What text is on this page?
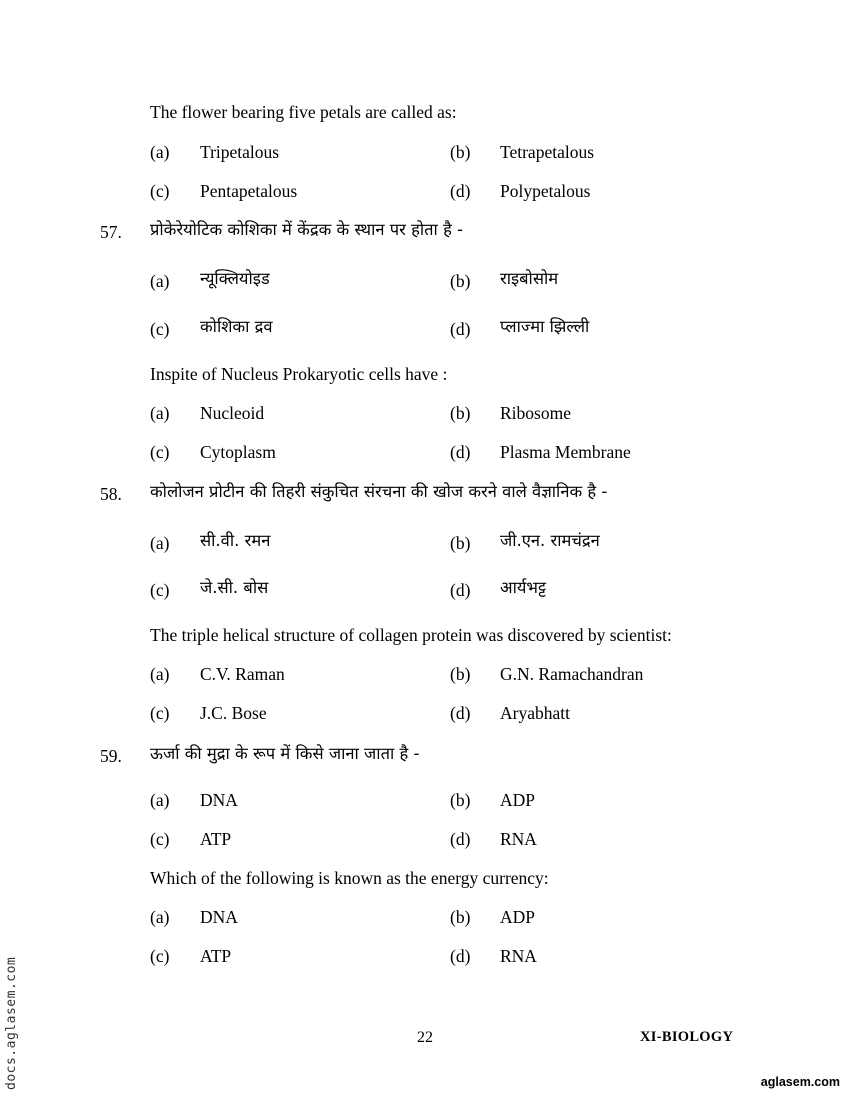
The flower bearing five petals are called as:
(a) Tripetalous	(b) Tetrapetalous
(c) Pentapetalous	(d) Polypetalous
57. प्रोकेरेयोटिक कोशिका में केंद्रक के स्थान पर होता है -
(a) न्यूक्लियोइड	(b) राइबोसोम
(c) कोशिका द्रव	(d) प्लाज्मा झिल्ली
Inspite of Nucleus Prokaryotic cells have :
(a) Nucleoid	(b) Ribosome
(c) Cytoplasm	(d) Plasma Membrane
58. कोलोजन प्रोटीन की तिहरी संकुचित संरचना की खोज करने वाले वैज्ञानिक है -
(a) सी.वी. रमन	(b) जी.एन. रामचंद्रन
(c) जे.सी. बोस	(d) आर्यभट्ट
The triple helical structure of collagen protein was discovered by scientist:
(a) C.V. Raman	(b) G.N. Ramachandran
(c) J.C. Bose	(d) Aryabhatt
59. ऊर्जा की मुद्रा के रूप में किसे जाना जाता है -
(a) DNA	(b) ADP
(c) ATP	(d) RNA
Which of the following is known as the energy currency:
(a) DNA	(b) ADP
(c) ATP	(d) RNA
22	XI-BIOLOGY
aglasem.com
docs.aglasem.com
